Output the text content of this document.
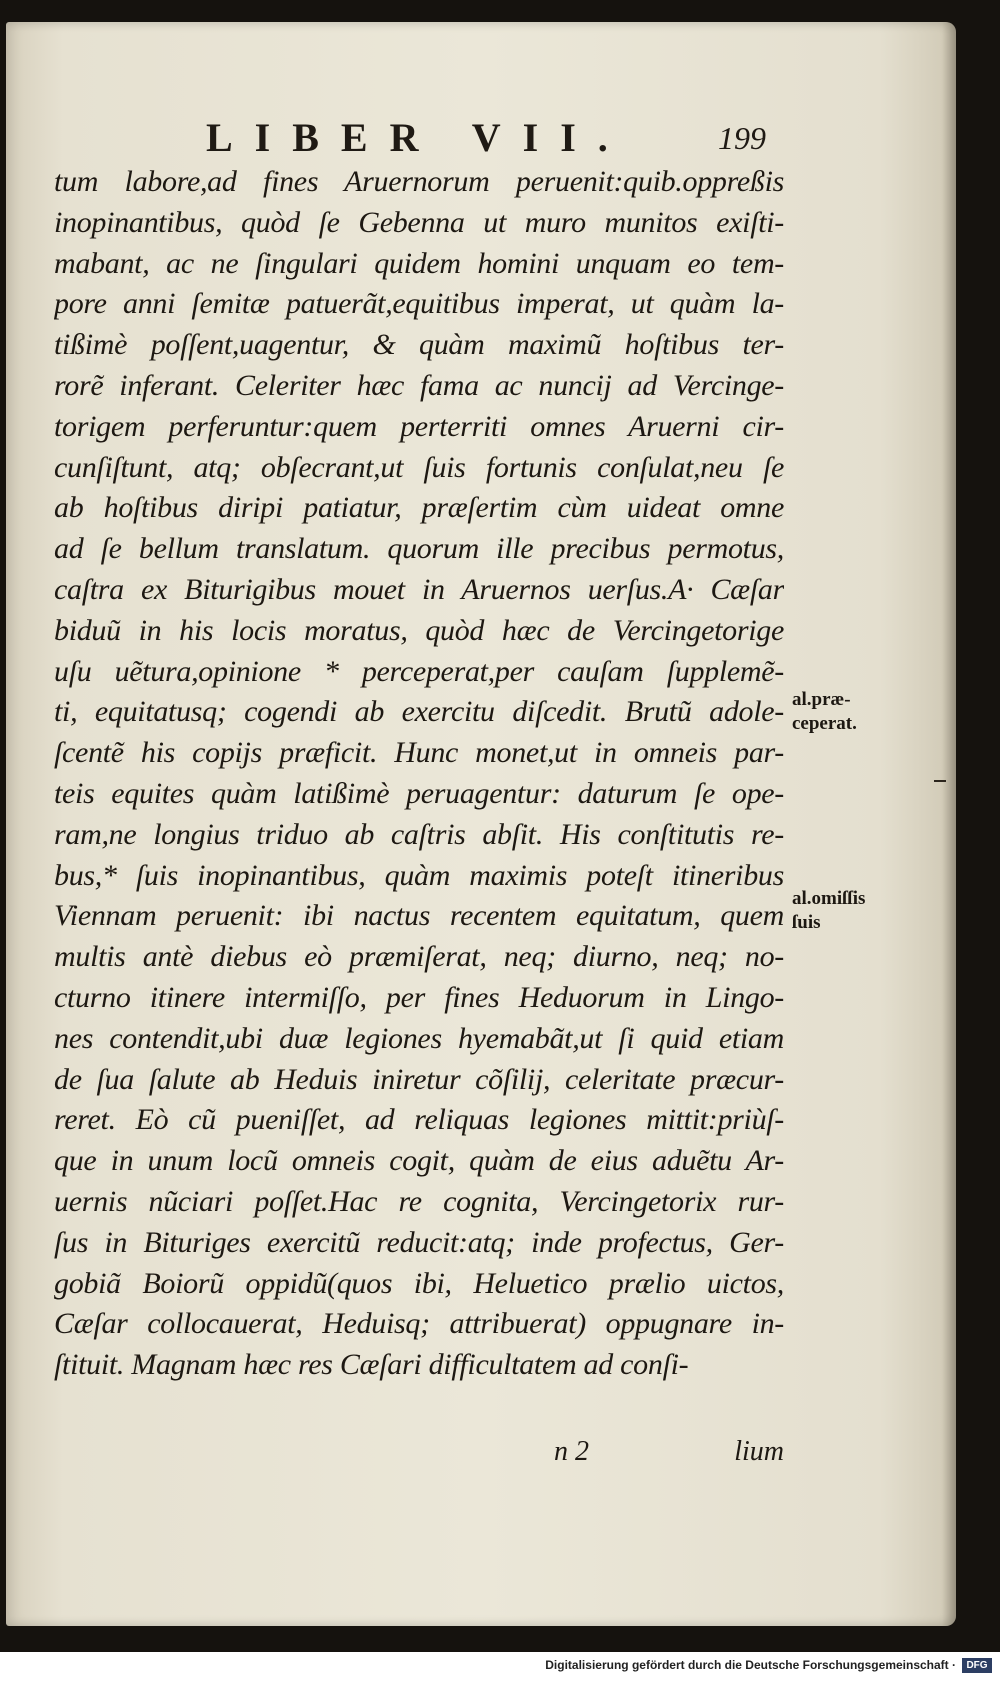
LIBER VII.	199
tum labore,ad fines Aruernorum peruenit:quib.oppreßis
inopinantibus, quòd ſe Gebenna ut muro munitos exiſti-
mabant, ac ne ſingulari quidem homini unquam eo tem-
pore anni ſemitæ patuerãt,equitibus imperat, ut quàm la-
tißimè poſſent,uagentur, & quàm maximũ hoſtibus ter-
rorẽ inferant. Celeriter hæc fama ac nuncij ad Vercinge-
torigem perferuntur:quem perterriti omnes Aruerni cir-
cunſiſtunt, atq; obſecrant,ut ſuis fortunis conſulat,neu ſe
ab hoſtibus diripi patiatur, præſertim cùm uideat omne
ad ſe bellum translatum. quorum ille precibus permotus,
caſtra ex Biturigibus mouet in Aruernos uerſus.A· Cæſar
biduũ in his locis moratus, quòd hæc de Vercingetorige
uſu uẽtura,opinione * perceperat,per cauſam ſupplemẽ-
ti, equitatusq; cogendi ab exercitu diſcedit. Brutũ adole-
ſcentẽ his copijs præficit. Hunc monet,ut in omneis par-
teis equites quàm latißimè peruagentur: daturum ſe ope-
ram,ne longius triduo ab caſtris abſit. His conſtitutis re-
bus,* ſuis inopinantibus, quàm maximis poteſt itineribus
Viennam peruenit: ibi nactus recentem equitatum, quem
multis antè diebus eò præmiſerat, neq; diurno, neq; no-
cturno itinere intermiſſo, per fines Heduorum in Lingo-
nes contendit,ubi duæ legiones hyemabãt,ut ſi quid etiam
de ſua ſalute ab Heduis iniretur cõſilij, celeritate præcur-
reret. Eò cũ pueniſſet, ad reliquas legiones mittit:priùſ-
que in unum locũ omneis cogit, quàm de eius aduẽtu Ar-
uernis nũciari poſſet.Hac re cognita, Vercingetorix rur-
ſus in Bituriges exercitũ reducit:atq; inde profectus, Ger-
gobiã Boiorũ oppidũ(quos ibi, Heluetico prælio uictos,
Cæſar collocauerat, Heduisq; attribuerat) oppugnare in-
ſtituit. Magnam hæc res Cæſari difficultatem ad conſi-
al.præ-
ceperat.
al.omiſſis
ſuis
n 2	lium
Digitalisierung gefördert durch die Deutsche Forschungsgemeinschaft ·	DFG
